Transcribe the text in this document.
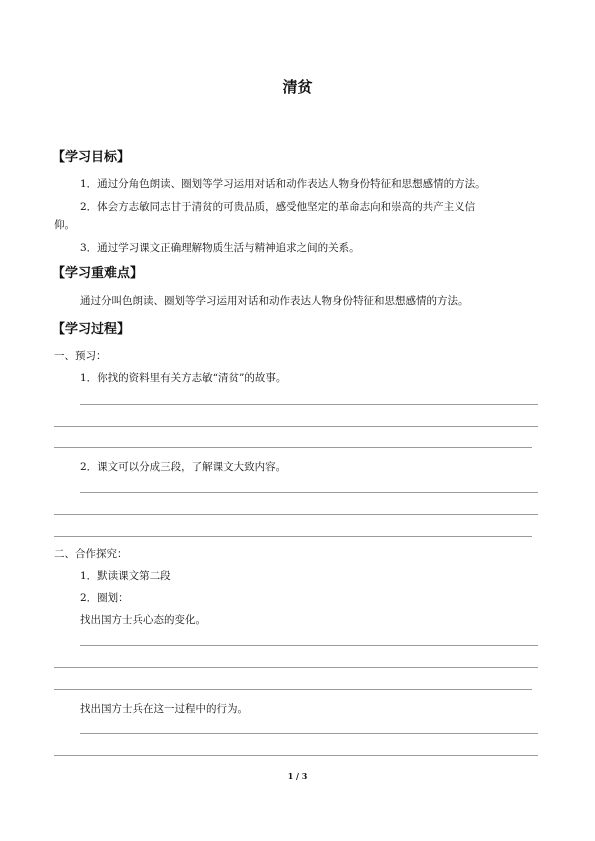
清贫
【学习目标】
1．通过分角色朗读、圈划等学习运用对话和动作表达人物身份特征和思想感情的方法。
2．体会方志敏同志甘于清贫的可贵品质，感受他坚定的革命志向和崇高的共产主义信
仰。
3．通过学习课文正确理解物质生活与精神追求之间的关系。
【学习重难点】
通过分叫色朗读、圈划等学习运用对话和动作表达人物身份特征和思想感情的方法。
【学习过程】
一、预习：
1．你找的资料里有关方志敏“清贫”的故事。
2．课文可以分成三段，了解课文大致内容。
二、合作探究：
1．默读课文第二段
2．圈划：
找出国方士兵心态的变化。
找出国方士兵在这一过程中的行为。
1 / 3
